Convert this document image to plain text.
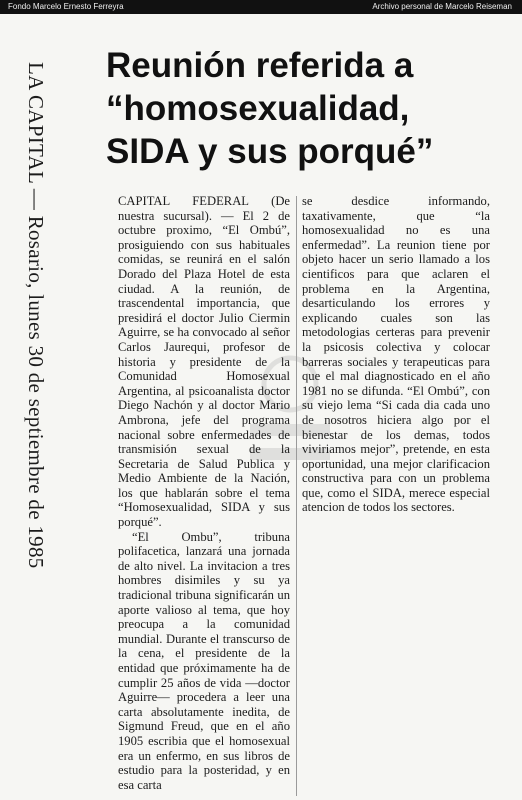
Fondo Marcelo Ernesto Ferreyra	Archivo personal de Marcelo Reiseman
LA CAPITAL — Rosario, lunes 30 de septiembre de 1985 Reunión referida a
“homosexualidad,
SIDA y sus porqué”

CAPITAL FEDERAL (De nuestra sucursal). — El 2 de octubre proximo, “El Ombú”, prosiguiendo con sus habituales comidas, se reunirá en el salón Dorado del Plaza Hotel de esta ciudad. A la reunión, de trascendental importancia, que presidirá el doctor Julio Ciermin Aguirre, se ha convocado al señor Carlos Jaurequi, profesor de historia y presidente de la Comunidad Homosexual Argentina, al psicoanalista doctor Diego Nachón y al doctor Mario Ambrona, jefe del programa nacional sobre enfermedades de transmisión sexual de la Secretaria de Salud Publica y Medio Ambiente de la Nación, los que hablarán sobre el tema “Homosexualidad, SIDA y sus porqué”.

“El Ombu”, tribuna polifacetica, lanzará una jornada de alto nivel. La invitacion a tres hombres disimiles y su ya tradicional tribuna significarán un aporte valioso al tema, que hoy preocupa a la comunidad mundial. Durante el transcurso de la cena, el presidente de la entidad que próximamente ha de cumplir 25 años de vida —doctor Aguirre— procedera a leer una carta absolutamente inedita, de Sigmund Freud, que en el año 1905 escribia que el homosexual era un enfermo, en sus libros de estudio para la posteridad, y en esa carta

se desdice informando, taxativamente, que “la homosexualidad no es una enfermedad”. La reunion tiene por objeto hacer un serio llamado a los cientificos para que aclaren el problema en la Argentina, desarticulando los errores y explicando cuales son las metodologias certeras para prevenir la psicosis colectiva y colocar barreras sociales y terapeuticas para que el mal diagnosticado en el año 1981 no se difunda. “El Ombú”, con su viejo lema “Si cada dia cada uno de nosotros hiciera algo por el bienestar de los demas, todos viviriamos mejor”, pretende, en esta oportunidad, una mejor clarificacion constructiva para con un problema que, como el SIDA, merece especial atencion de todos los sectores.
